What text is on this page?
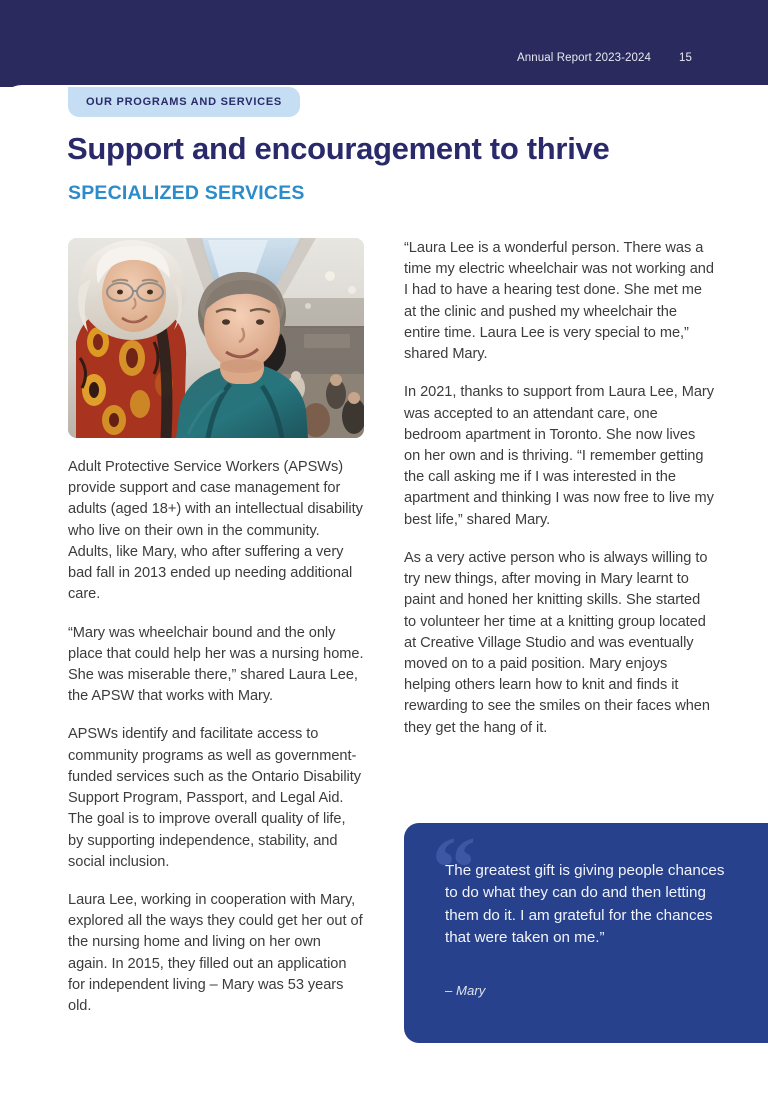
Annual Report 2023-2024 15
OUR PROGRAMS AND SERVICES
Support and encouragement to thrive
SPECIALIZED SERVICES

Adult Protective Service Workers (APSWs) provide support and case management for adults (aged 18+) with an intellectual disability who live on their own in the community. Adults, like Mary, who after suffering a very bad fall in 2013 ended up needing additional care.

“Mary was wheelchair bound and the only place that could help her was a nursing home. She was miserable there,” shared Laura Lee, the APSW that works with Mary.

APSWs identify and facilitate access to community programs as well as government-funded services such as the Ontario Disability Support Program, Passport, and Legal Aid. The goal is to improve overall quality of life, by supporting independence, stability, and social inclusion.

Laura Lee, working in cooperation with Mary, explored all the ways they could get her out of the nursing home and living on her own again. In 2015, they filled out an application for independent living – Mary was 53 years old.

“Laura Lee is a wonderful person. There was a time my electric wheelchair was not working and I had to have a hearing test done. She met me at the clinic and pushed my wheelchair the entire time. Laura Lee is very special to me,” shared Mary.

In 2021, thanks to support from Laura Lee, Mary was accepted to an attendant care, one bedroom apartment in Toronto. She now lives on her own and is thriving. “I remember getting the call asking me if I was interested in the apartment and thinking I was now free to live my best life,” shared Mary.

As a very active person who is always willing to try new things, after moving in Mary learnt to paint and honed her knitting skills. She started to volunteer her time at a knitting group located at Creative Village Studio and was eventually moved on to a paid position. Mary enjoys helping others learn how to knit and finds it rewarding to see the smiles on their faces when they get the hang of it.

“
The greatest gift is giving people chances to do what they can do and then letting them do it. I am grateful for the chances that were taken on me.”
– Mary
